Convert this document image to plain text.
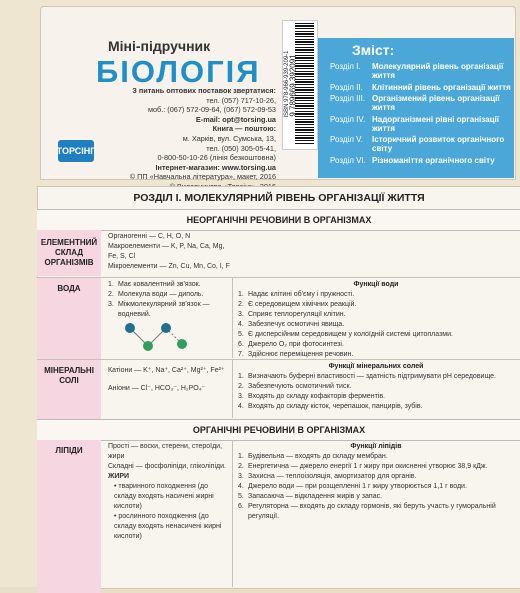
Міні-підручник
БІОЛОГІЯ
З питань оптових поставок звертатися:
тел. (057) 717-10-26,
моб.: (067) 572-09-64, (067) 572-09-53
E-mail: opt@torsing.ua
Книга — поштою:
м. Харків, вул. Сумська, 13,
тел. (050) 305-05-41,
0-800-50-10-26 (лінія безкоштовна)
Інтернет-магазин: www.torsing.ua
© ПП «Навчальна література», макет, 2016
ТОРСІНГ
ISBN 978-966-939-209-1
9 789669 392091
Зміст:
Розділ І.	Молекулярний рівень організації життя
Розділ ІІ.	Клітинний рівень організації життя
Розділ ІІІ. Організмений рівень організації життя
Розділ IV. Надорганізмені рівні організації життя
Розділ V.	Історичний розвиток органічного світу
Розділ VI. Різноманіття органічного світу
РОЗДІЛ І. МОЛЕКУЛЯРНИЙ РІВЕНЬ ОРГАНІЗАЦІЇ ЖИТТЯ
НЕОРГАНІЧНІ РЕЧОВИНИ В ОРГАНІЗМАХ
ЕЛЕМЕНТНИЙ СКЛАД ОРГАНІЗМІВ
Органогенні — C, H, O, N
Макроелементи — K, P, Na, Ca, Mg,
Fe, S, Cl
Мікроелементи — Zn, Cu, Mn, Co, I, F
ВОДА	1. Має ковалентний зв'язок.
2. Молекула води — диполь.
3. Міжмолекулярний зв'язок — водневий.
Функції води
1. Надає клітині об'єму і пружності.
2. Є середовищем хімічних реакцій.
3. Сприяє теплорегуляції клітин.
4. Забезпечує осмотичні явища.
5. Є дисперсійним середовищем у колоїдній системі цитоплазми.
6. Джерело O₂ при фотосинтезі.
7. Здійснює переміщення речовин.
МІНЕРАЛЬНІ СОЛІ
Катіони — K⁺, Na⁺, Ca²⁺, Mg²⁺, Fe²⁺
Аніони — Cl⁻, HCO₃⁻, H₂PO₄⁻
Функції мінеральних солей
1. Визначають буферні властивості — здатність підтримувати pH середовище.
2. Забезпечують осмотичний тиск.
3. Входять до складу кофакторів ферментів.
4. Входять до складу кісток, черепашок, панцирів, зубів.
ОРГАНІЧНІ РЕЧОВИНИ В ОРГАНІЗМАХ
ЛІПІДИ	Прості — воски, стерени, стероїди, жири
Складні — фосфоліпіди, гліколіпіди.
ЖИРИ
• тваринного походження (до складу входять насичені жирні кислоти)
• рослинного походження (до складу входять ненасичені жирні кислоти)
Функції ліпідів
1. Будівельна — входять до складу мембран.
2. Енергетична — джерело енергії 1 г жиру при окисненні утворює 38,9 кДж.
3. Захисна — теплоізоляція, амортизатор для органів.
4. Джерело води — при розщепленні 1 г жиру утворюється 1,1 г води.
5. Запасаюча — відкладення жирів у запас.
6. Регуляторна — входять до складу гормонів, які беруть участь у гуморальній регуляції.
